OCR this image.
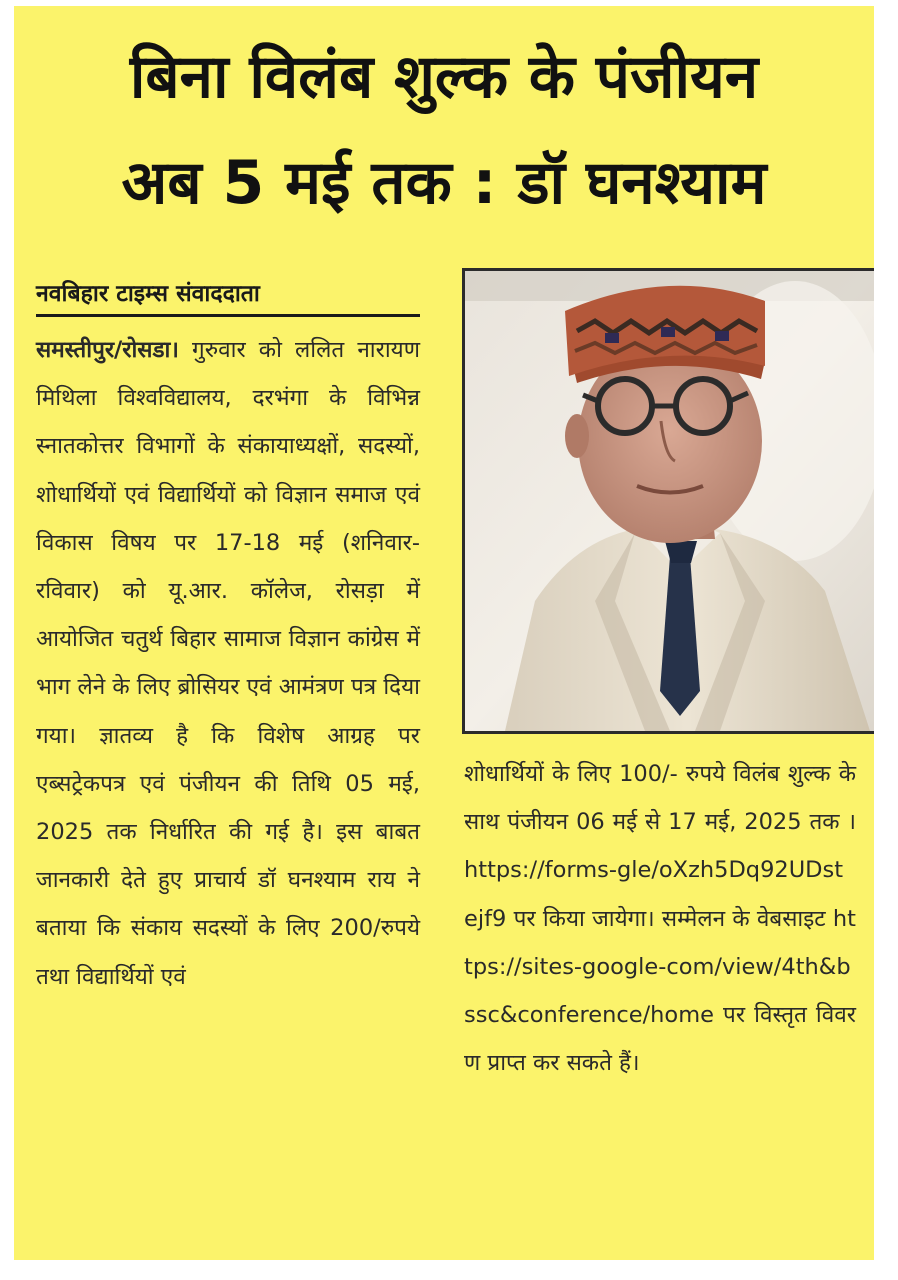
बिना विलंब शुल्क के पंजीयन
अब 5 मई तक : डॉ घनश्याम
नवबिहार टाइम्स संवाददाता

समस्तीपुर/रोसडा। गुरुवार को ललित नारायण मिथिला विश्वविद्यालय, दरभंगा के विभिन्न स्नातकोत्तर विभागों के संकायाध्यक्षों, सदस्यों, शोधार्थियों एवं विद्यार्थियों को विज्ञान समाज एवं विकास विषय पर 17-18 मई (शनिवार-रविवार) को यू.आर. कॉलेज, रोसड़ा में आयोजित चतुर्थ बिहार सामाज विज्ञान कांग्रेस में भाग लेने के लिए ब्रोसियर एवं आमंत्रण पत्र दिया गया। ज्ञातव्य है कि विशेष आग्रह पर एब्सट्रेकपत्र एवं पंजीयन की तिथि 05 मई, 2025 तक निर्धारित की गई है। इस बाबत जानकारी देते हुए प्राचार्य डॉ घनश्याम राय ने बताया कि संकाय सदस्यों के लिए 200/रुपये तथा विद्यार्थियों एवं

शोधार्थियों के लिए 100/- रुपये विलंब शुल्क के साथ पंजीयन 06 मई से 17 मई, 2025 तक । https://forms-gle/oXzh5Dq92UDstejf9 पर किया जायेगा। सम्मेलन के वेबसाइट https://sites-google-com/view/4th&bssc&conference/home पर विस्तृत विवरण प्राप्त कर सकते हैं।
